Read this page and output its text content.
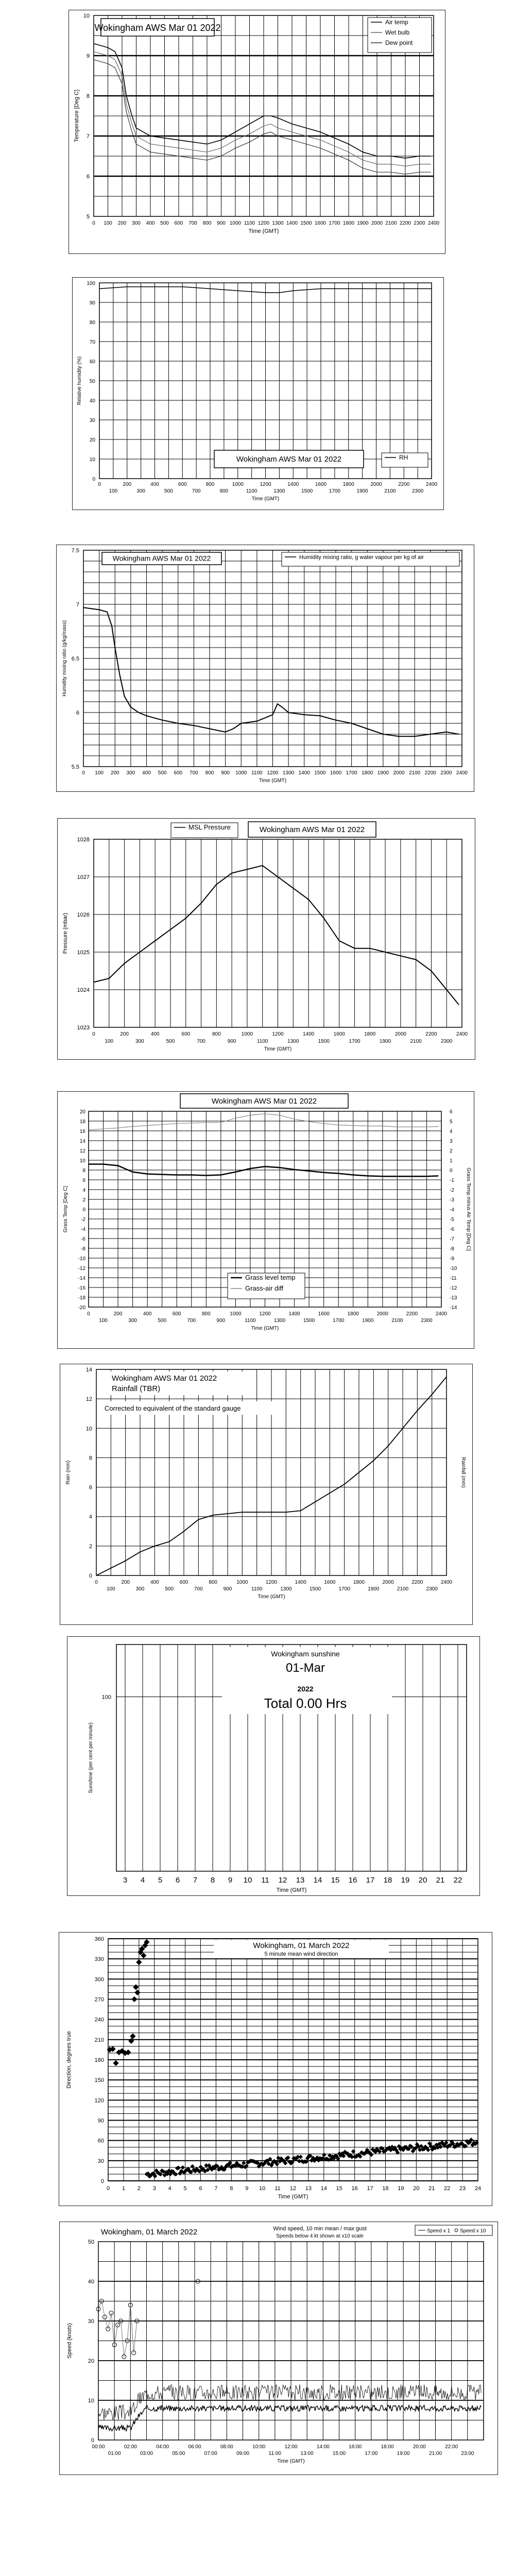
0 100 200 300 400 500 600 700 800 900 1000 1100 1200 1300 1400 1500 1600 1700 1800 1900 2000 2100 2200 2300 2400
5
6
7
8
9
10
Time (GMT)
Temperature [Deg C]
Wokingham AWS Mar 01 2022
Air temp
Wet bulb
Dew point
0	200	400	600	800	1000	1200	1400	1600	1800	2000	2200	2400
100	300	500	700	900	1100	1300	1500	1700	1900	2100	2300
0
10
20
30
40
50
60
70
80
90
100
Time (GMT)
Relative humidity (%)
Wokingham AWS Mar 01 2022	RH
0 100 200 300 400 500 600 700 800 900 1000 1100 1200 1300 1400 1500 1600 1700 1800 1900 2000 2100 2200 2300 2400
5.5
6
6.5
7
7.5
Time (GMT)
Humidity mixing ratio (g/kg/mass)
Wokingham AWS Mar 01 2022	Humidity mixing ratio, g water vapour per kg of air
0	200	400	600	800	1000	1200	1400	1600	1800	2000	2200	2400
100	300	500	700	900	1100	1300	1500	1700	1900	2100	2300
1023
1024
1025
1026
1027
1028
Time (GMT)
Pressure (mbar)
MSL Pressure	Wokingham AWS Mar 01 2022
0	200	400	600	800	1000	1200	1400	1600	1800	2000	2200	2400
100	300	500	700	900	1100	1300	1500	1700	1900	2100	2300
20
18
16
14
12
10
8
6
4
2
0
-2
-4
-6
-8
-10
-12
-14
-16
-18
-20
6
5
4
3
2
1
0
-1
-2
-3
-4
-5
-6
-7
-8
-9
-10
-11
-12
-13
-14
Time (GMT)
Grass Temp [Deg C]	Grass Temp minus Air Temp [Deg C]
Wokingham AWS Mar 01 2022
Grass level temp
Grass-air diff
0	200	400	600	800	1000	1200	1400	1600	1800	2000	2200	2400
100	300	500	700	900	1100	1300	1500	1700	1900	2100	2300
0
2
4
6
8
10
12
14
Time (GMT)
Rain (mm)	Rainfall (mm)
Wokingham AWS Mar 01 2022
Rainfall (TBR)
Corrected to equivalent of the standard gauge
3 4 5 6 7 8 9 10 11 12 13 14 15 16 17 18 19 20 21 22
100
Time (GMT)
Sunshine (per cent per minute)
Wokingham sunshine
01-Mar
2022
Total 0.00 Hrs
0 1 2 3 4 5 6 7 8 9 10 11 12 13 14 15 16 17 18 19 20 21 22 23 24
0
30
60
90
120
150
180
210
240
270
300
330
360
Time (GMT)
Direction, degrees true
Wokingham, 01 March 2022
5 minute mean wind direction
00:00	02:00	04:00	06:00	08:00	10:00	12:00	14:00	16:00	18:00	20:00	22:00
01:00	03:00	05:00	07:00	09:00	11:00	13:00	15:00	17:00	19:00	21:00	23:00
0
10
20
30
40
50
Time (GMT)
Speed (knots)
Wokingham, 01 March 2022	Wind speed, 10 min mean / max gust
Speeds below 4 kt shown at x10 scale
Speed x 1 Speed x 10
